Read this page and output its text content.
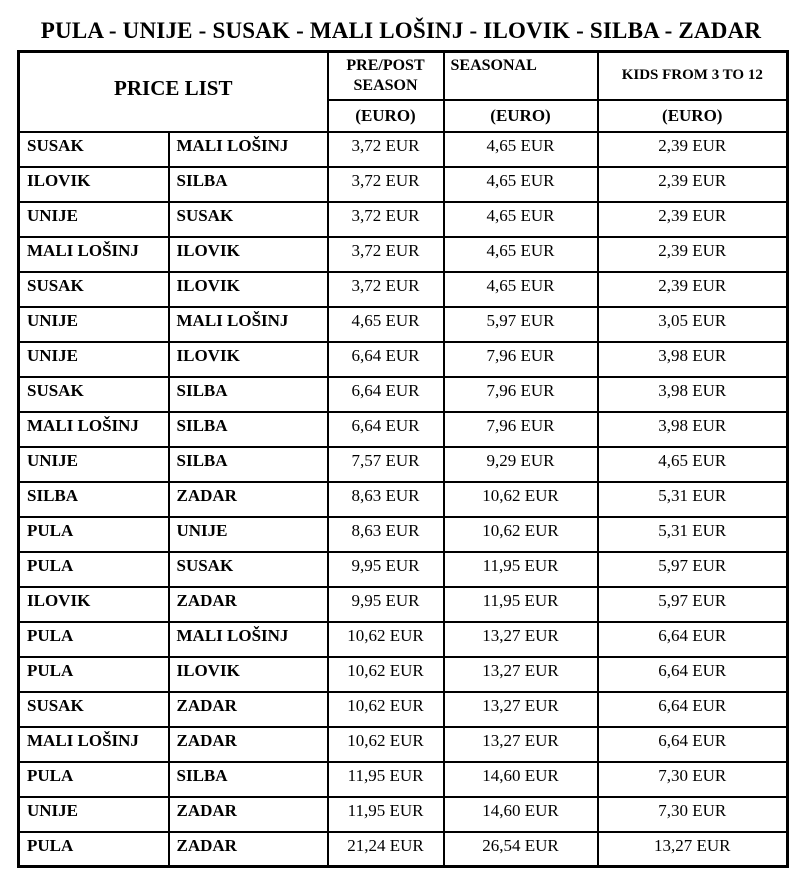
PULA - UNIJE - SUSAK - MALI LOŠINJ - ILOVIK - SILBA - ZADAR
PRICE LIST		PRE/POST SEASON	SEASONAL	KIDS FROM 3 TO 12
		(EURO)	(EURO)	(EURO)
SUSAK	MALI LOŠINJ	3,72 EUR	4,65 EUR	2,39 EUR
ILOVIK	SILBA	3,72 EUR	4,65 EUR	2,39 EUR
UNIJE	SUSAK	3,72 EUR	4,65 EUR	2,39 EUR
MALI LOŠINJ	ILOVIK	3,72 EUR	4,65 EUR	2,39 EUR
SUSAK	ILOVIK	3,72 EUR	4,65 EUR	2,39 EUR
UNIJE	MALI LOŠINJ	4,65 EUR	5,97 EUR	3,05 EUR
UNIJE	ILOVIK	6,64 EUR	7,96 EUR	3,98 EUR
SUSAK	SILBA	6,64 EUR	7,96 EUR	3,98 EUR
MALI LOŠINJ	SILBA	6,64 EUR	7,96 EUR	3,98 EUR
UNIJE	SILBA	7,57 EUR	9,29 EUR	4,65 EUR
SILBA	ZADAR	8,63 EUR	10,62 EUR	5,31 EUR
PULA	UNIJE	8,63 EUR	10,62 EUR	5,31 EUR
PULA	SUSAK	9,95 EUR	11,95 EUR	5,97 EUR
ILOVIK	ZADAR	9,95 EUR	11,95 EUR	5,97 EUR
PULA	MALI LOŠINJ	10,62 EUR	13,27 EUR	6,64 EUR
PULA	ILOVIK	10,62 EUR	13,27 EUR	6,64 EUR
SUSAK	ZADAR	10,62 EUR	13,27 EUR	6,64 EUR
MALI LOŠINJ	ZADAR	10,62 EUR	13,27 EUR	6,64 EUR
PULA	SILBA	11,95 EUR	14,60 EUR	7,30 EUR
UNIJE	ZADAR	11,95 EUR	14,60 EUR	7,30 EUR
PULA	ZADAR	21,24 EUR	26,54 EUR	13,27 EUR
